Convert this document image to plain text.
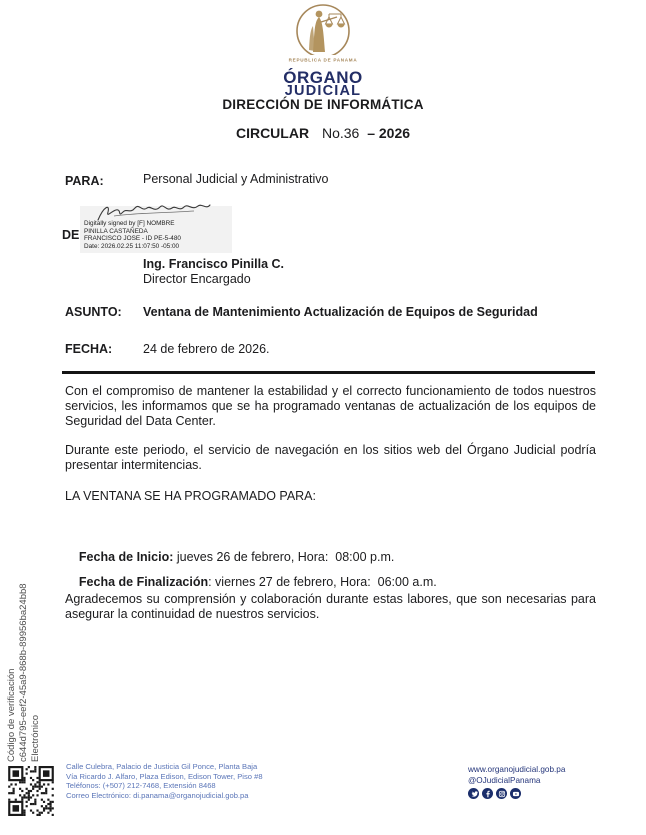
REPUBLICA DE PANAMA
ÓRGANO
JUDICIAL
DIRECCIÓN DE INFORMÁTICA
CIRCULAR No.36 – 2026
PARA:	Personal Judicial y Administrativo
DE
Digitally signed by [F] NOMBRE
PINILLA CASTAÑEDA
FRANCISCO JOSE - ID PE-5-480
Date: 2026.02.25 11:07:50 -05:00
Ing. Francisco Pinilla C.
Director Encargado
ASUNTO: Ventana de Mantenimiento Actualización de Equipos de Seguridad
FECHA: 24 de febrero de 2026.
Con el compromiso de mantener la estabilidad y el correcto funcionamiento de todos nuestros servicios, les informamos que se ha programado ventanas de actualización de los equipos de Seguridad del Data Center.
Durante este periodo, el servicio de navegación en los sitios web del Órgano Judicial podría presentar intermitencias.
LA VENTANA SE HA PROGRAMADO PARA:

Fecha de Inicio: jueves 26 de febrero, Hora:  08:00 p.m.

Fecha de Finalización: viernes 27 de febrero, Hora:  06:00 a.m.

Agradecemos su comprensión y colaboración durante estas labores, que son necesarias para asegurar la continuidad de nuestros servicios.
Código de verificación c644d795-eef2-45a9-868b-89956ba24bb8 Electrónico
Calle Culebra, Palacio de Justicia Gil Ponce, Planta Baja
Vía Ricardo J. Alfaro, Plaza Edison, Edison Tower, Piso #8
Teléfonos: (+507) 212-7468, Extensión 8468
Correo Electrónico: di.panama@organojudicial.gob.pa
www.organojudicial.gob.pa
@OJudicialPanama
